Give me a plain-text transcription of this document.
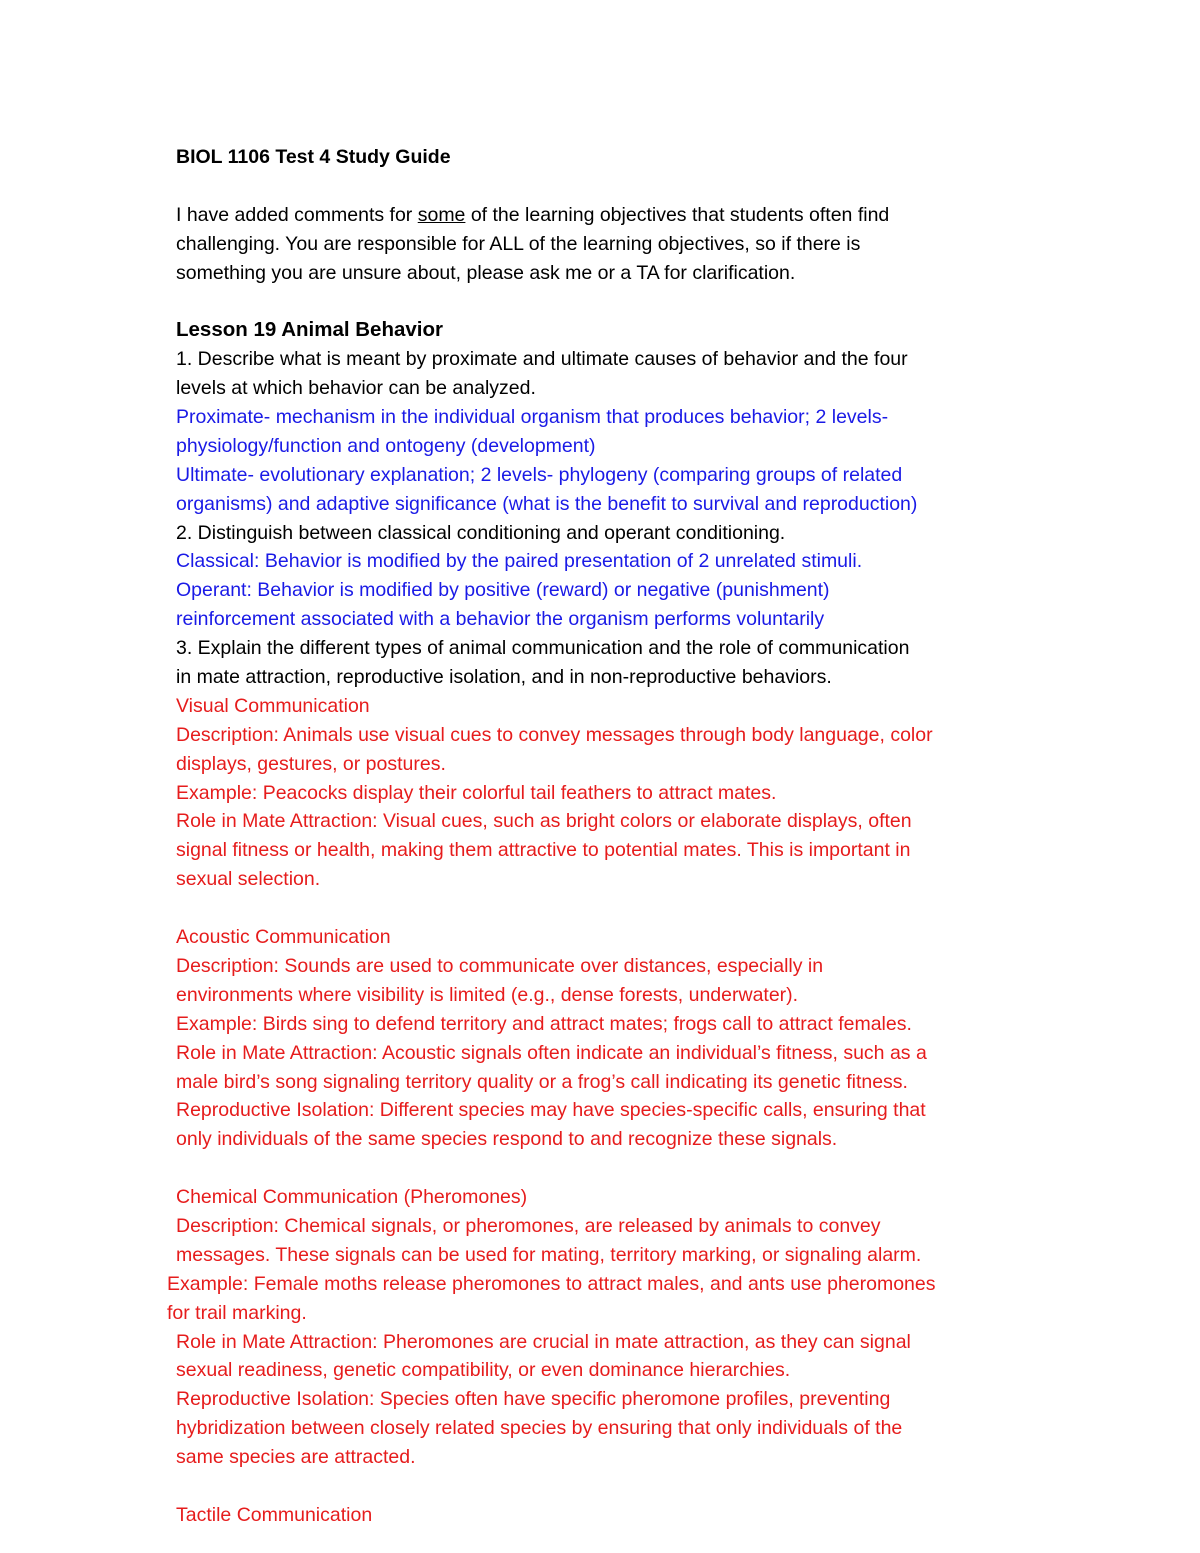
BIOL 1106 Test 4 Study Guide
I have added comments for some of the learning objectives that students often find
challenging. You are responsible for ALL of the learning objectives, so if there is
something you are unsure about, please ask me or a TA for clarification.
Lesson 19 Animal Behavior
1. Describe what is meant by proximate and ultimate causes of behavior and the four
levels at which behavior can be analyzed.
Proximate- mechanism in the individual organism that produces behavior; 2 levels-
physiology/function and ontogeny (development)
Ultimate- evolutionary explanation; 2 levels- phylogeny (comparing groups of related
organisms) and adaptive significance (what is the benefit to survival and reproduction)
2. Distinguish between classical conditioning and operant conditioning.
Classical: Behavior is modified by the paired presentation of 2 unrelated stimuli.
Operant: Behavior is modified by positive (reward) or negative (punishment)
reinforcement associated with a behavior the organism performs voluntarily
3. Explain the different types of animal communication and the role of communication
in mate attraction, reproductive isolation, and in non-reproductive behaviors.
Visual Communication
Description: Animals use visual cues to convey messages through body language, color
displays, gestures, or postures.
Example: Peacocks display their colorful tail feathers to attract mates.
Role in Mate Attraction: Visual cues, such as bright colors or elaborate displays, often
signal fitness or health, making them attractive to potential mates. This is important in
sexual selection.
Acoustic Communication
Description: Sounds are used to communicate over distances, especially in
environments where visibility is limited (e.g., dense forests, underwater).
Example: Birds sing to defend territory and attract mates; frogs call to attract females.
Role in Mate Attraction: Acoustic signals often indicate an individual’s fitness, such as a
male bird’s song signaling territory quality or a frog’s call indicating its genetic fitness.
Reproductive Isolation: Different species may have species-specific calls, ensuring that
only individuals of the same species respond to and recognize these signals.
Chemical Communication (Pheromones)
Description: Chemical signals, or pheromones, are released by animals to convey
messages. These signals can be used for mating, territory marking, or signaling alarm.
Example: Female moths release pheromones to attract males, and ants use pheromones
for trail marking.
Role in Mate Attraction: Pheromones are crucial in mate attraction, as they can signal
sexual readiness, genetic compatibility, or even dominance hierarchies.
Reproductive Isolation: Species often have specific pheromone profiles, preventing
hybridization between closely related species by ensuring that only individuals of the
same species are attracted.
Tactile Communication
